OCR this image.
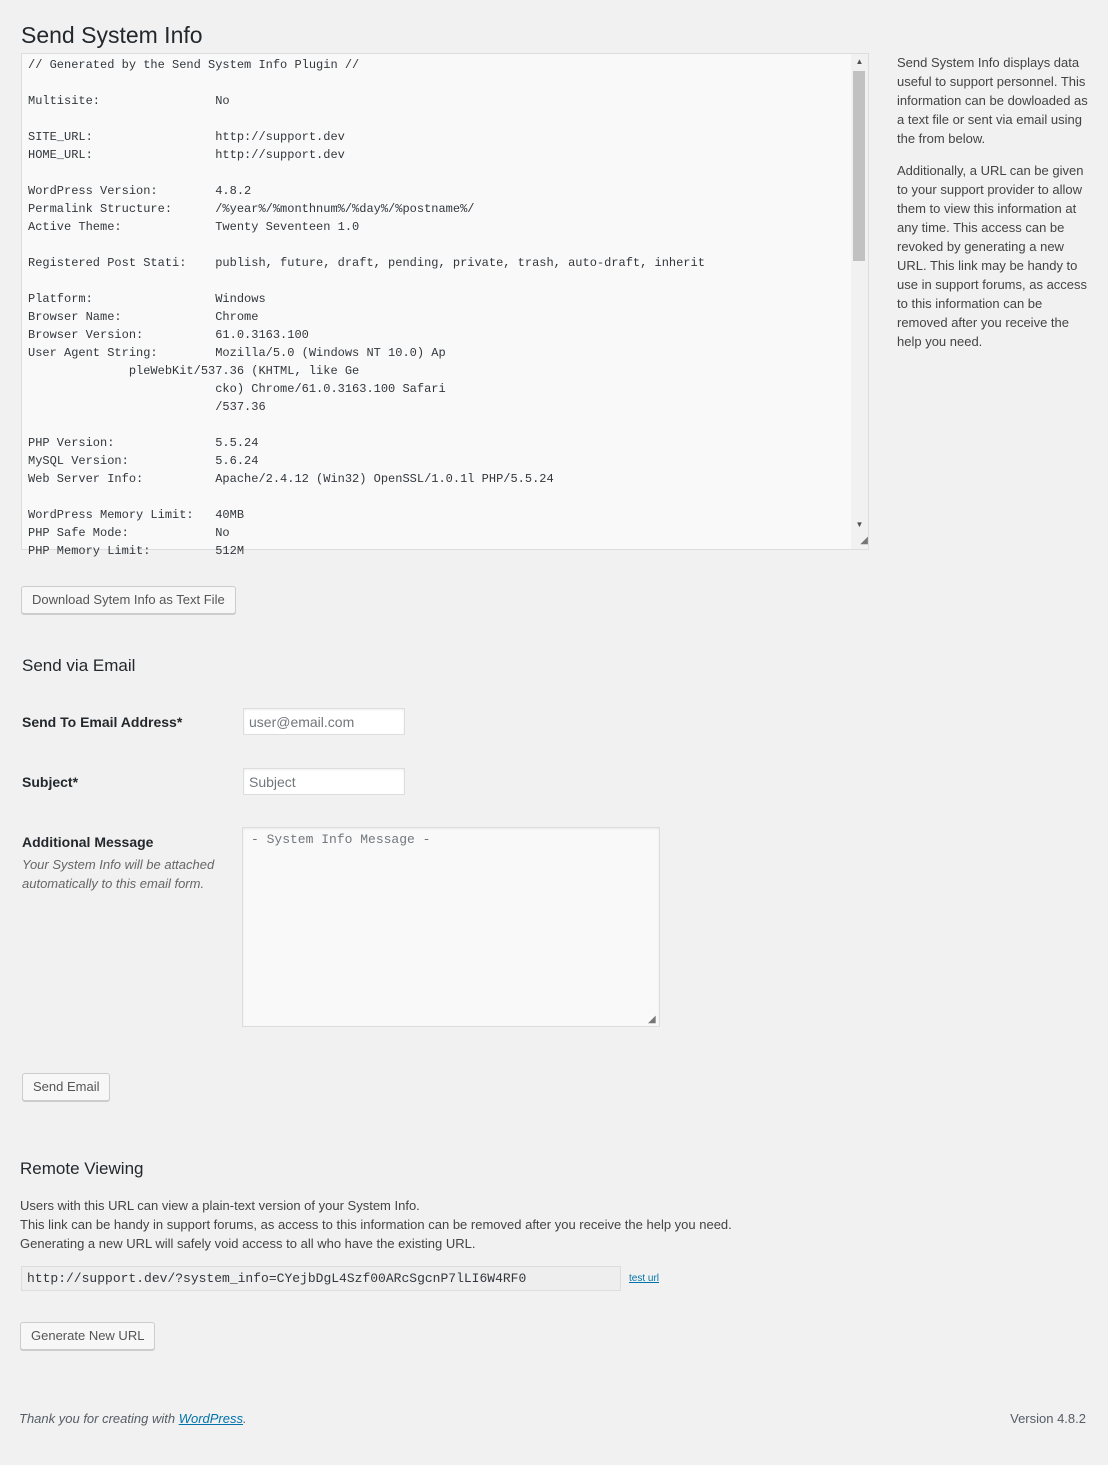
Send System Info
// Generated by the Send System Info Plugin //

Multisite:                No

SITE_URL:                 http://support.dev
HOME_URL:                 http://support.dev

WordPress Version:        4.8.2
Permalink Structure:      /%year%/%monthnum%/%day%/%postname%/
Active Theme:             Twenty Seventeen 1.0

Registered Post Stati:    publish, future, draft, pending, private, trash, auto-draft, inherit

Platform:                 Windows
Browser Name:             Chrome
Browser Version:          61.0.3163.100
User Agent String:        Mozilla/5.0 (Windows NT 10.0) Ap
pleWebKit/537.36 (KHTML, like Ge
cko) Chrome/61.0.3163.100 Safari
/537.36

PHP Version:              5.5.24
MySQL Version:            5.6.24
Web Server Info:          Apache/2.4.12 (Win32) OpenSSL/1.0.1l PHP/5.5.24

WordPress Memory Limit:   40MB
PHP Safe Mode:            No
PHP Memory Limit:         512M
▲
▼
◢

Send System Info displays data useful to support personnel. This information can be dowloaded as a text file or sent via email using the from below.

Additionally, a URL can be given to your support provider to allow them to view this information at any time. This access can be revoked by generating a new URL. This link may be handy to use in support forums, as access to this information can be removed after you receive the help you need.

Download Sytem Info as Text File
Send via Email
Send To Email Address*
user@email.com
Subject*
Subject
Additional Message
Your System Info will be attached automatically to this email form.
- System Info Message -
◢
Send Email
Remote Viewing
Users with this URL can view a plain-text version of your System Info.
This link can be handy in support forums, as access to this information can be removed after you receive the help you need.
Generating a new URL will safely void access to all who have the existing URL.
http://support.dev/?system_info=CYejbDgL4Szf00ARcSgcnP7lLI6W4RF0	test url
Generate New URL
Thank you for creating with WordPress.	Version 4.8.2
